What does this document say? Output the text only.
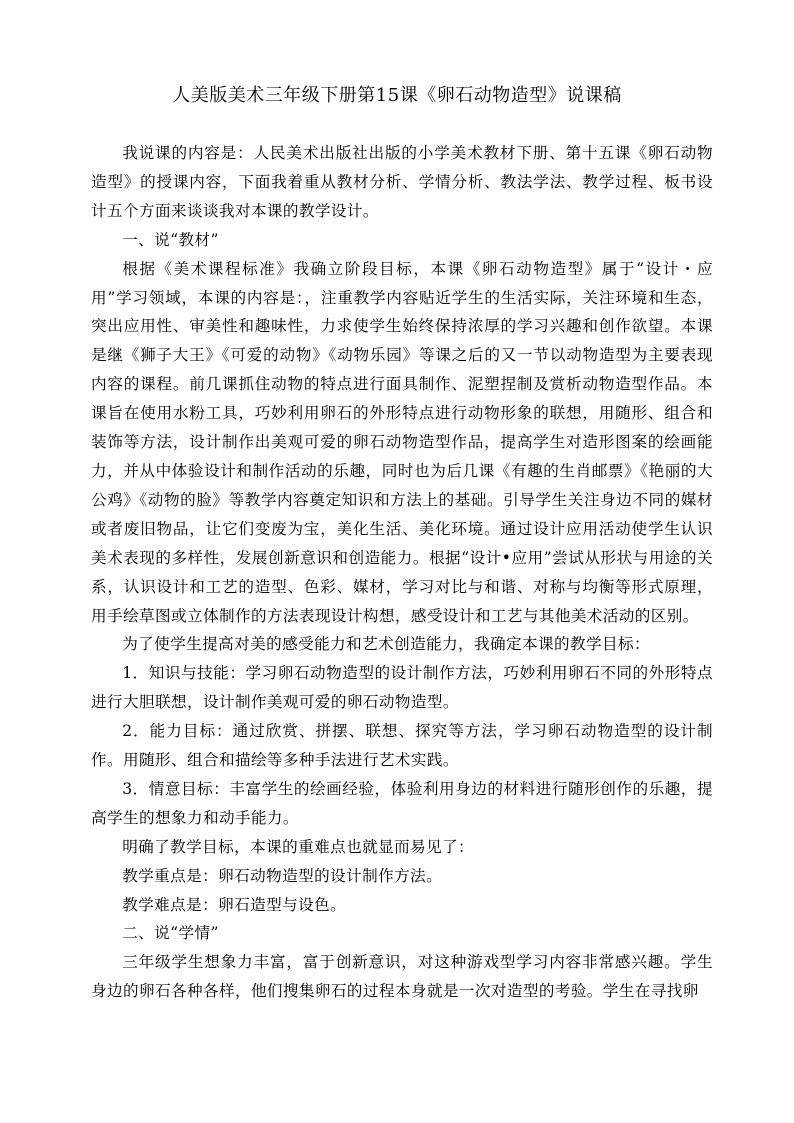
人美版美术三年级下册第15课《卵石动物造型》说课稿

我说课的内容是：人民美术出版社出版的小学美术教材下册、第十五课《卵石动物造型》的授课内容，下面我着重从教材分析、学情分析、教法学法、教学过程、板书设计五个方面来谈谈我对本课的教学设计。

一、说“教材”

根据《美术课程标准》我确立阶段目标，本课《卵石动物造型》属于“设计・应用”学习领域，本课的内容是：，注重教学内容贴近学生的生活实际，关注环境和生态，突出应用性、审美性和趣味性，力求使学生始终保持浓厚的学习兴趣和创作欲望。本课是继《狮子大王》《可爱的动物》《动物乐园》等课之后的又一节以动物造型为主要表现内容的课程。前几课抓住动物的特点进行面具制作、泥塑捏制及赏析动物造型作品。本课旨在使用水粉工具，巧妙利用卵石的外形特点进行动物形象的联想，用随形、组合和装饰等方法，设计制作出美观可爱的卵石动物造型作品，提高学生对造形图案的绘画能力，并从中体验设计和制作活动的乐趣，同时也为后几课《有趣的生肖邮票》《艳丽的大公鸡》《动物的脸》等教学内容奠定知识和方法上的基础。引导学生关注身边不同的媒材或者废旧物品，让它们变废为宝，美化生活、美化环境。通过设计应用活动使学生认识美术表现的多样性，发展创新意识和创造能力。根据“设计•应用”尝试从形状与用途的关系，认识设计和工艺的造型、色彩、媒材，学习对比与和谐、对称与均衡等形式原理，用手绘草图或立体制作的方法表现设计构想，感受设计和工艺与其他美术活动的区别。

为了使学生提高对美的感受能力和艺术创造能力，我确定本课的教学目标：

1．知识与技能：学习卵石动物造型的设计制作方法，巧妙利用卵石不同的外形特点进行大胆联想，设计制作美观可爱的卵石动物造型。

2．能力目标：通过欣赏、拼摆、联想、探究等方法，学习卵石动物造型的设计制作。用随形、组合和描绘等多种手法进行艺术实践。

3．情意目标：丰富学生的绘画经验，体验利用身边的材料进行随形创作的乐趣，提高学生的想象力和动手能力。

明确了教学目标，本课的重难点也就显而易见了：

教学重点是：卵石动物造型的设计制作方法。

教学难点是：卵石造型与设色。

二、说“学情”

三年级学生想象力丰富，富于创新意识，对这种游戏型学习内容非常感兴趣。学生身边的卵石各种各样，他们搜集卵石的过程本身就是一次对造型的考验。学生在寻找卵
